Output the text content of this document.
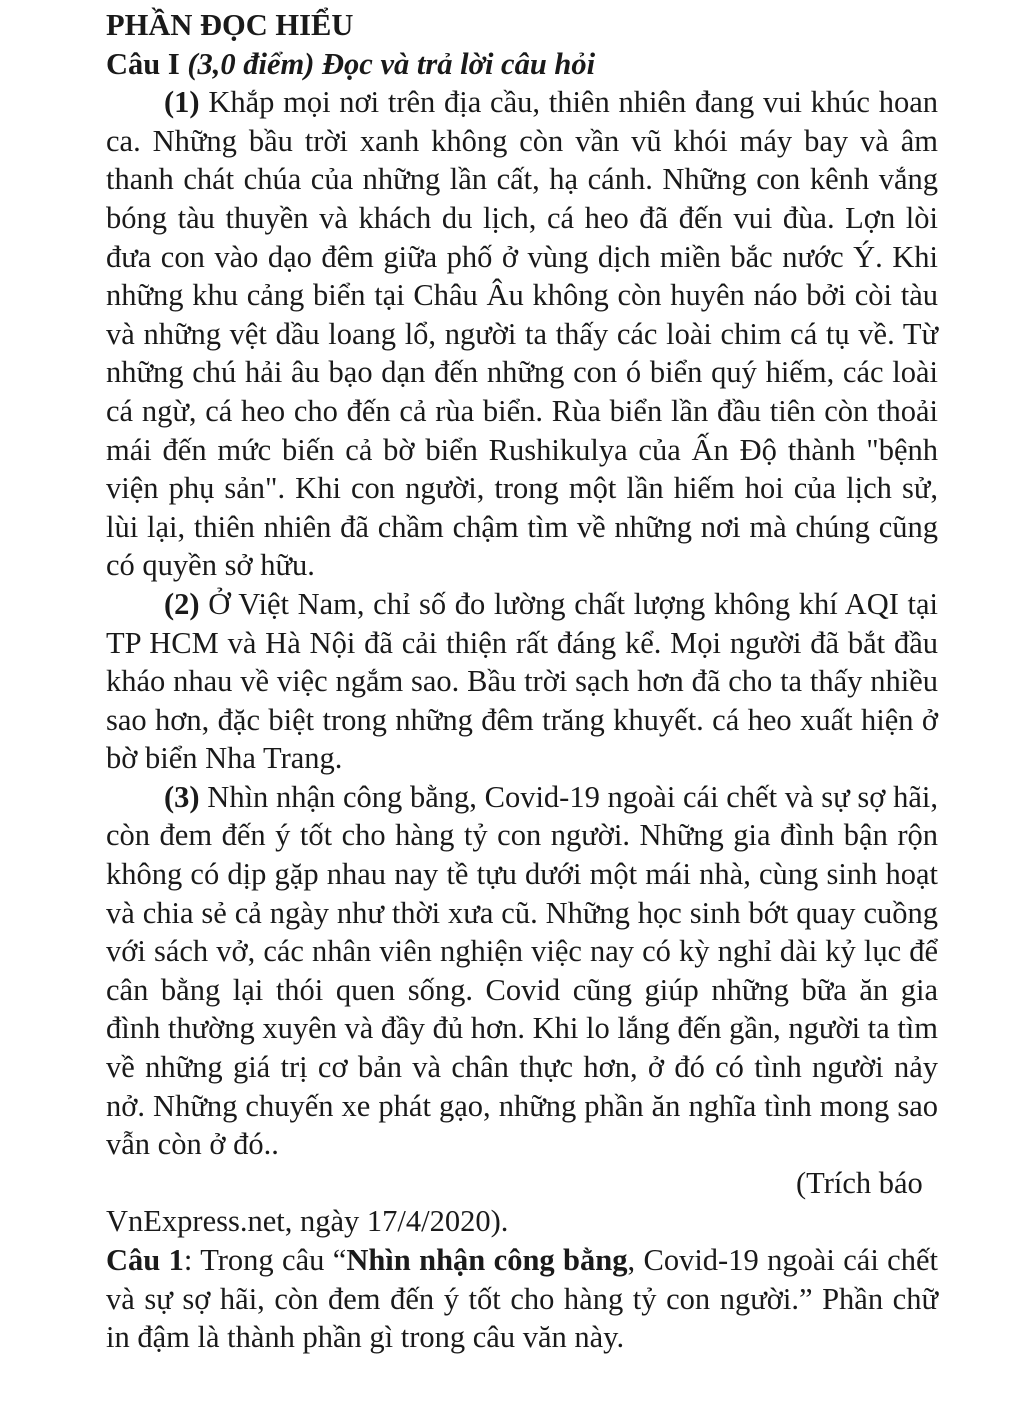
PHẦN ĐỌC HIỂU

Câu I (3,0 điểm) Đọc và trả lời câu hỏi

(1) Khắp mọi nơi trên địa cầu, thiên nhiên đang vui khúc hoan ca. Những bầu trời xanh không còn vần vũ khói máy bay và âm thanh chát chúa của những lần cất, hạ cánh. Những con kênh vắng bóng tàu thuyền và khách du lịch, cá heo đã đến vui đùa. Lợn lòi đưa con vào dạo đêm giữa phố ở vùng dịch miền bắc nước Ý. Khi những khu cảng biển tại Châu Âu không còn huyên náo bởi còi tàu và những vệt dầu loang lổ, người ta thấy các loài chim cá tụ về. Từ những chú hải âu bạo dạn đến những con ó biển quý hiếm, các loài cá ngừ, cá heo cho đến cả rùa biển. Rùa biển lần đầu tiên còn thoải mái đến mức biến cả bờ biển Rushikulya của Ấn Độ thành "bệnh viện phụ sản". Khi con người, trong một lần hiếm hoi của lịch sử, lùi lại, thiên nhiên đã chầm chậm tìm về những nơi mà chúng cũng có quyền sở hữu.

(2) Ở Việt Nam, chỉ số đo lường chất lượng không khí AQI tại TP HCM và Hà Nội đã cải thiện rất đáng kể. Mọi người đã bắt đầu kháo nhau về việc ngắm sao. Bầu trời sạch hơn đã cho ta thấy nhiều sao hơn, đặc biệt trong những đêm trăng khuyết. cá heo xuất hiện ở bờ biển Nha Trang.

(3) Nhìn nhận công bằng, Covid-19 ngoài cái chết và sự sợ hãi, còn đem đến ý tốt cho hàng tỷ con người. Những gia đình bận rộn không có dịp gặp nhau nay tề tựu dưới một mái nhà, cùng sinh hoạt và chia sẻ cả ngày như thời xưa cũ. Những học sinh bớt quay cuồng với sách vở, các nhân viên nghiện việc nay có kỳ nghỉ dài kỷ lục để cân bằng lại thói quen sống. Covid cũng giúp những bữa ăn gia đình thường xuyên và đầy đủ hơn. Khi lo lắng đến gần, người ta tìm về những giá trị cơ bản và chân thực hơn, ở đó có tình người nảy nở. Những chuyến xe phát gạo, những phần ăn nghĩa tình mong sao vẫn còn ở đó..

(Trích báo

VnExpress.net, ngày 17/4/2020).

Câu 1: Trong câu “Nhìn nhận công bằng, Covid-19 ngoài cái chết và sự sợ hãi, còn đem đến ý tốt cho hàng tỷ con người.” Phần chữ in đậm là thành phần gì trong câu văn này.
